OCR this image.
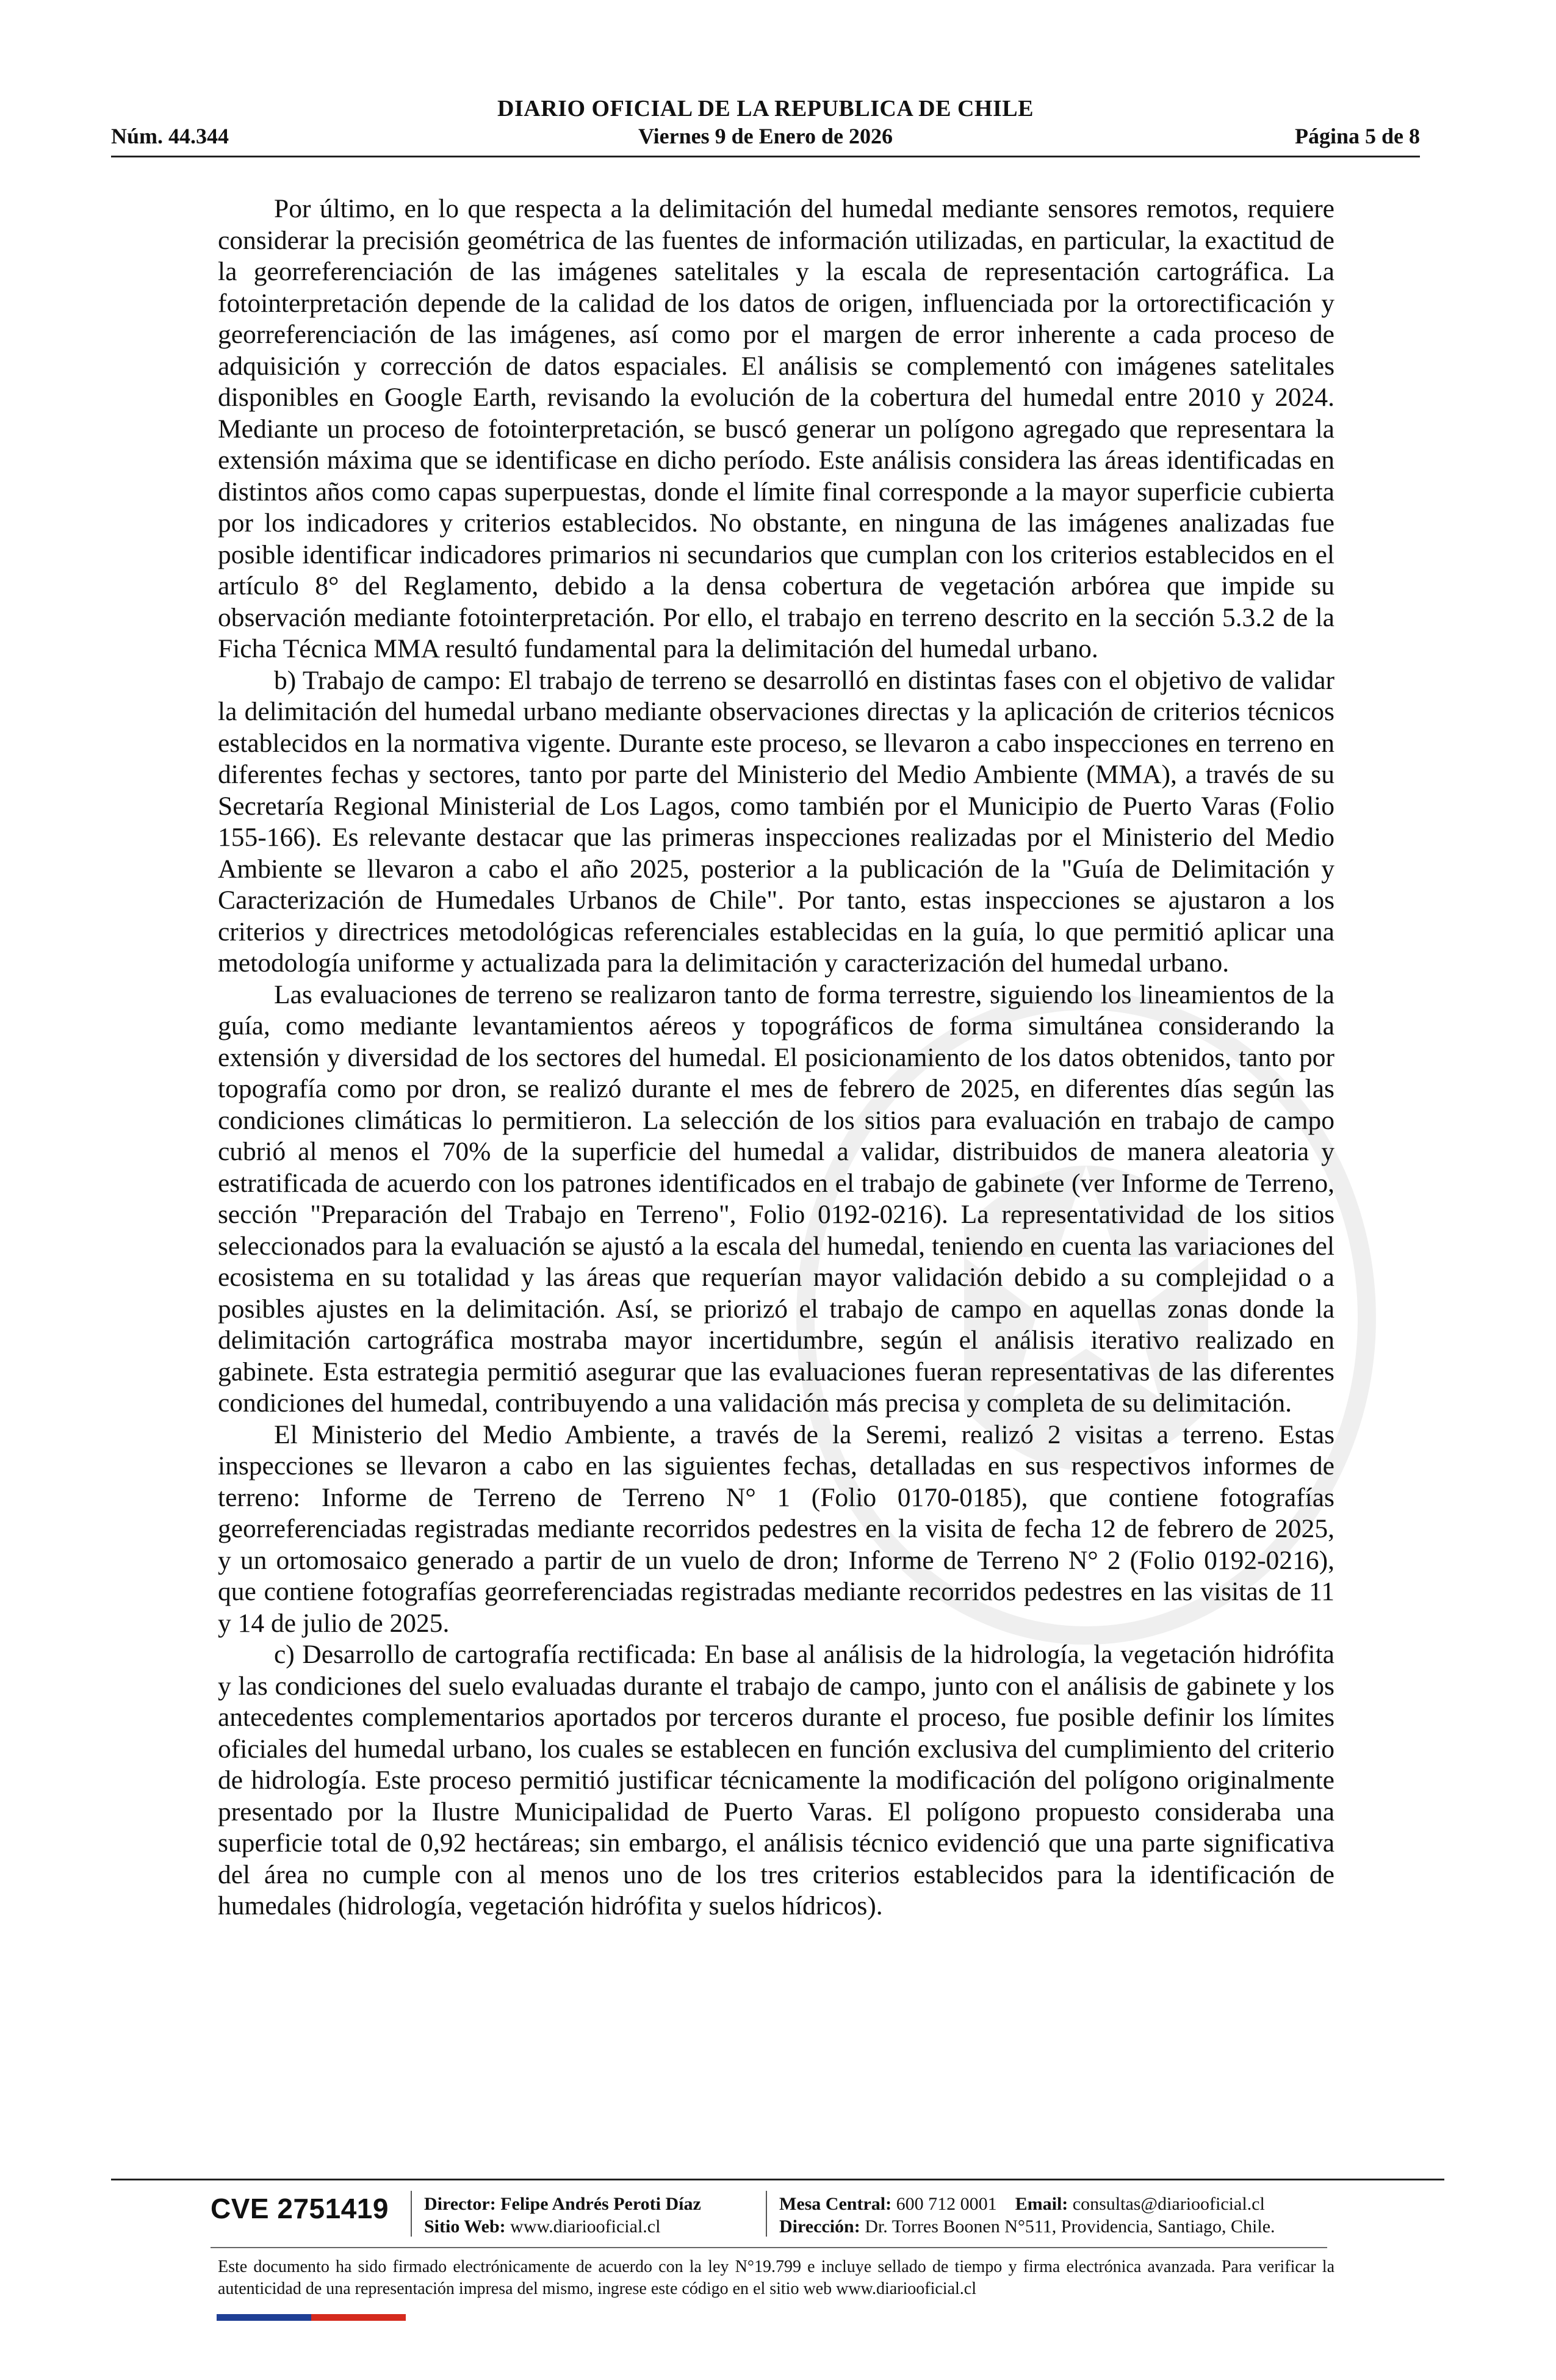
DIARIO OFICIAL DE LA REPUBLICA DE CHILE
Núm. 44.344	Viernes 9 de Enero de 2026	Página 5 de 8

Por último, en lo que respecta a la delimitación del humedal mediante sensores remotos, requiere considerar la precisión geométrica de las fuentes de información utilizadas, en particular, la exactitud de la georreferenciación de las imágenes satelitales y la escala de representación cartográfica. La fotointerpretación depende de la calidad de los datos de origen, influenciada por la ortorectificación y georreferenciación de las imágenes, así como por el margen de error inherente a cada proceso de adquisición y corrección de datos espaciales. El análisis se complementó con imágenes satelitales disponibles en Google Earth, revisando la evolución de la cobertura del humedal entre 2010 y 2024. Mediante un proceso de fotointerpretación, se buscó generar un polígono agregado que representara la extensión máxima que se identificase en dicho período. Este análisis considera las áreas identificadas en distintos años como capas superpuestas, donde el límite final corresponde a la mayor superficie cubierta por los indicadores y criterios establecidos. No obstante, en ninguna de las imágenes analizadas fue posible identificar indicadores primarios ni secundarios que cumplan con los criterios establecidos en el artículo 8° del Reglamento, debido a la densa cobertura de vegetación arbórea que impide su observación mediante fotointerpretación. Por ello, el trabajo en terreno descrito en la sección 5.3.2 de la Ficha Técnica MMA resultó fundamental para la delimitación del humedal urbano.

b) Trabajo de campo: El trabajo de terreno se desarrolló en distintas fases con el objetivo de validar la delimitación del humedal urbano mediante observaciones directas y la aplicación de criterios técnicos establecidos en la normativa vigente. Durante este proceso, se llevaron a cabo inspecciones en terreno en diferentes fechas y sectores, tanto por parte del Ministerio del Medio Ambiente (MMA), a través de su Secretaría Regional Ministerial de Los Lagos, como también por el Municipio de Puerto Varas (Folio 155-166). Es relevante destacar que las primeras inspecciones realizadas por el Ministerio del Medio Ambiente se llevaron a cabo el año 2025, posterior a la publicación de la "Guía de Delimitación y Caracterización de Humedales Urbanos de Chile". Por tanto, estas inspecciones se ajustaron a los criterios y directrices metodológicas referenciales establecidas en la guía, lo que permitió aplicar una metodología uniforme y actualizada para la delimitación y caracterización del humedal urbano.

Las evaluaciones de terreno se realizaron tanto de forma terrestre, siguiendo los lineamientos de la guía, como mediante levantamientos aéreos y topográficos de forma simultánea considerando la extensión y diversidad de los sectores del humedal. El posicionamiento de los datos obtenidos, tanto por topografía como por dron, se realizó durante el mes de febrero de 2025, en diferentes días según las condiciones climáticas lo permitieron. La selección de los sitios para evaluación en trabajo de campo cubrió al menos el 70% de la superficie del humedal a validar, distribuidos de manera aleatoria y estratificada de acuerdo con los patrones identificados en el trabajo de gabinete (ver Informe de Terreno, sección "Preparación del Trabajo en Terreno", Folio 0192-0216). La representatividad de los sitios seleccionados para la evaluación se ajustó a la escala del humedal, teniendo en cuenta las variaciones del ecosistema en su totalidad y las áreas que requerían mayor validación debido a su complejidad o a posibles ajustes en la delimitación. Así, se priorizó el trabajo de campo en aquellas zonas donde la delimitación cartográfica mostraba mayor incertidumbre, según el análisis iterativo realizado en gabinete. Esta estrategia permitió asegurar que las evaluaciones fueran representativas de las diferentes condiciones del humedal, contribuyendo a una validación más precisa y completa de su delimitación.

El Ministerio del Medio Ambiente, a través de la Seremi, realizó 2 visitas a terreno. Estas inspecciones se llevaron a cabo en las siguientes fechas, detalladas en sus respectivos informes de terreno: Informe de Terreno de Terreno N° 1 (Folio 0170-0185), que contiene fotografías georreferenciadas registradas mediante recorridos pedestres en la visita de fecha 12 de febrero de 2025, y un ortomosaico generado a partir de un vuelo de dron; Informe de Terreno N° 2 (Folio 0192-0216), que contiene fotografías georreferenciadas registradas mediante recorridos pedestres en las visitas de 11 y 14 de julio de 2025.

c) Desarrollo de cartografía rectificada: En base al análisis de la hidrología, la vegetación hidrófita y las condiciones del suelo evaluadas durante el trabajo de campo, junto con el análisis de gabinete y los antecedentes complementarios aportados por terceros durante el proceso, fue posible definir los límites oficiales del humedal urbano, los cuales se establecen en función exclusiva del cumplimiento del criterio de hidrología. Este proceso permitió justificar técnicamente la modificación del polígono originalmente presentado por la Ilustre Municipalidad de Puerto Varas. El polígono propuesto consideraba una superficie total de 0,92 hectáreas; sin embargo, el análisis técnico evidenció que una parte significativa del área no cumple con al menos uno de los tres criterios establecidos para la identificación de humedales (hidrología, vegetación hidrófita y suelos hídricos).

CVE 2751419 Director: Felipe Andrés Peroti Díaz
Sitio Web: www.diariooficial.cl
Mesa Central: 600 712 0001 Email: consultas@diariooficial.cl
Dirección: Dr. Torres Boonen N°511, Providencia, Santiago, Chile.
Este documento ha sido firmado electrónicamente de acuerdo con la ley N°19.799 e incluye sellado de tiempo y firma electrónica avanzada. Para verificar la autenticidad de una representación impresa del mismo, ingrese este código en el sitio web www.diariooficial.cl
